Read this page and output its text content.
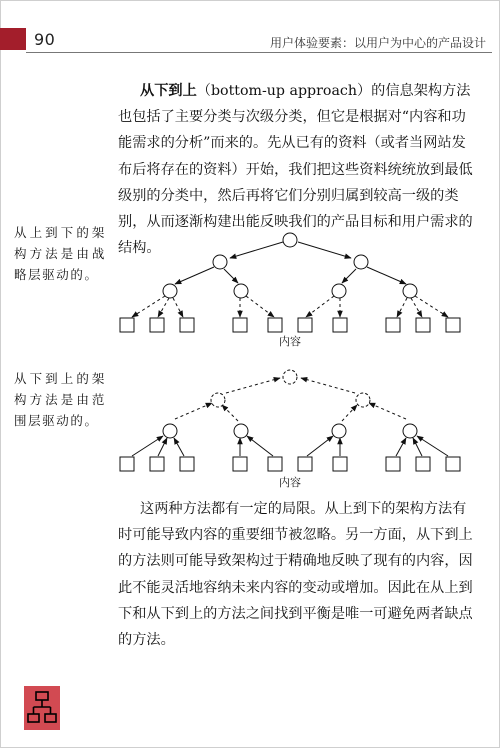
90	用户体验要素：以用户为中心的产品设计

从下到上（bottom-up approach）的信息架构方法也包括了主要分类与次级分类，但它是根据对“内容和功能需求的分析”而来的。先从已有的资料（或者当网站发布后将存在的资料）开始，我们把这些资料统统放到最低级别的分类中，然后再将它们分别归属到较高一级的类别，从而逐渐构建出能反映我们的产品目标和用户需求的结构。

从上到下的架构方法是由战略层驱动的。

从下到上的架构方法是由范围层驱动的。

内容
内容

这两种方法都有一定的局限。从上到下的架构方法有时可能导致内容的重要细节被忽略。另一方面，从下到上的方法则可能导致架构过于精确地反映了现有的内容，因此不能灵活地容纳未来内容的变动或增加。因此在从上到下和从下到上的方法之间找到平衡是唯一可避免两者缺点的方法。
